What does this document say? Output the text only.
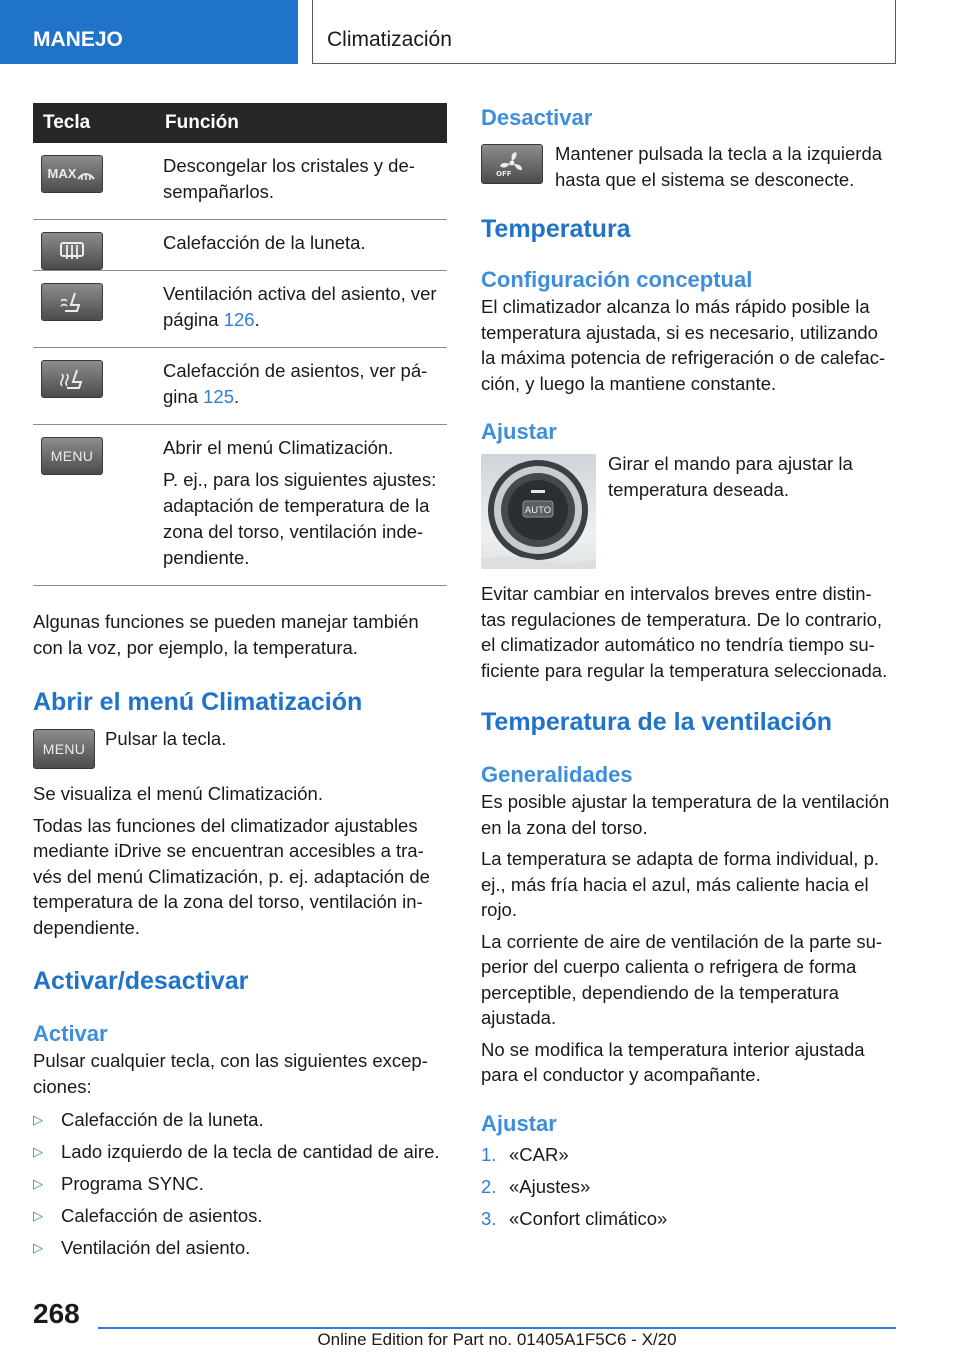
MANEJO	Climatización
Tecla	Función

MAX	Descongelar los cristales y de-sempañarlos.

Calefacción de la luneta.

Ventilación activa del asiento, ver página 126.

Calefacción de asientos, ver pá-gina 125.

MENU	Abrir el menú Climatización.

P. ej., para los siguientes ajustes: adaptación de temperatura de la zona del torso, ventilación inde-pendiente.

Algunas funciones se pueden manejar también con la voz, por ejemplo, la temperatura.

Abrir el menú Climatización
MENU Pulsar la tecla.

Se visualiza el menú Climatización.

Todas las funciones del climatizador ajustables mediante iDrive se encuentran accesibles a tra-vés del menú Climatización, p. ej. adaptación de temperatura de la zona del torso, ventilación in-dependiente.

Activar/desactivar
Activar

Pulsar cualquier tecla, con las siguientes excep-ciones:

▷ Calefacción de la luneta.
▷ Lado izquierdo de la tecla de cantidad de aire.
▷ Programa SYNC.
▷ Calefacción de asientos.
▷ Ventilación del asiento.
Desactivar
OFF

Mantener pulsada la tecla a la izquierda hasta que el sistema se desconecte.

Temperatura
Configuración conceptual

El climatizador alcanza lo más rápido posible la temperatura ajustada, si es necesario, utilizando la máxima potencia de refrigeración o de calefac-ción, y luego la mantiene constante.

Ajustar
AUTO

Girar el mando para ajustar la temperatura deseada.

Evitar cambiar en intervalos breves entre distin-tas regulaciones de temperatura. De lo contrario, el climatizador automático no tendría tiempo su-ficiente para regular la temperatura seleccionada.

Temperatura de la ventilación
Generalidades

Es posible ajustar la temperatura de la ventilación en la zona del torso.

La temperatura se adapta de forma individual, p. ej., más fría hacia el azul, más caliente hacia el rojo.

La corriente de aire de ventilación de la parte su-perior del cuerpo calienta o refrigera de forma perceptible, dependiendo de la temperatura ajustada.

No se modifica la temperatura interior ajustada para el conductor y acompañante.

Ajustar
1. «CAR»
2. «Ajustes»
3. «Confort climático»
268
Online Edition for Part no. 01405A1F5C6 - X/20
